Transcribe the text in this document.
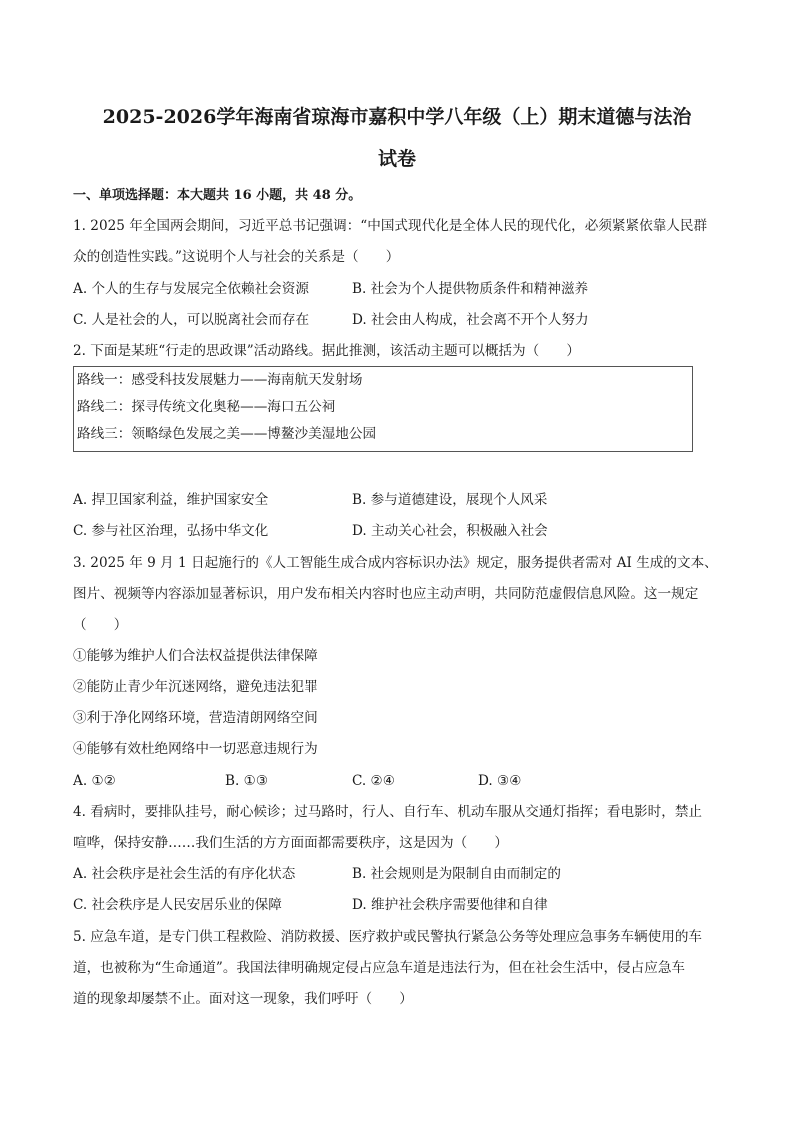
2025-2026学年海南省琼海市嘉积中学八年级（上）期末道德与法治
试卷
一、单项选择题：本大题共 16 小题，共 48 分。
1. 2025 年全国两会期间，习近平总书记强调：“中国式现代化是全体人民的现代化，必须紧紧依靠人民群
众的创造性实践。”这说明个人与社会的关系是（　　）
A. 个人的生存与发展完全依赖社会资源	B. 社会为个人提供物质条件和精神滋养
C. 人是社会的人，可以脱离社会而存在	D. 社会由人构成，社会离不开个人努力
2. 下面是某班“行走的思政课”活动路线。据此推测，该活动主题可以概括为（　　）
路线一：感受科技发展魅力——海南航天发射场
路线二：探寻传统文化奥秘——海口五公祠
路线三：领略绿色发展之美——博鳌沙美湿地公园
A. 捍卫国家利益，维护国家安全	B. 参与道德建设，展现个人风采
C. 参与社区治理，弘扬中华文化	D. 主动关心社会，积极融入社会
3. 2025 年 9 月 1 日起施行的《人工智能生成合成内容标识办法》规定，服务提供者需对 AI 生成的文本、
图片、视频等内容添加显著标识，用户发布相关内容时也应主动声明，共同防范虚假信息风险。这一规定
（　　）
①能够为维护人们合法权益提供法律保障
②能防止青少年沉迷网络，避免违法犯罪
③利于净化网络环境，营造清朗网络空间
④能够有效杜绝网络中一切恶意违规行为
A. ①②	B. ①③	C. ②④	D. ③④
4. 看病时，要排队挂号，耐心候诊；过马路时，行人、自行车、机动车服从交通灯指挥；看电影时，禁止
喧哗，保持安静……我们生活的方方面面都需要秩序，这是因为（　　）
A. 社会秩序是社会生活的有序化状态	B. 社会规则是为限制自由而制定的
C. 社会秩序是人民安居乐业的保障	D. 维护社会秩序需要他律和自律
5. 应急车道，是专门供工程救险、消防救援、医疗救护或民警执行紧急公务等处理应急事务车辆使用的车
道，也被称为“生命通道”。我国法律明确规定侵占应急车道是违法行为，但在社会生活中，侵占应急车
道的现象却屡禁不止。面对这一现象，我们呼吁（　　）
